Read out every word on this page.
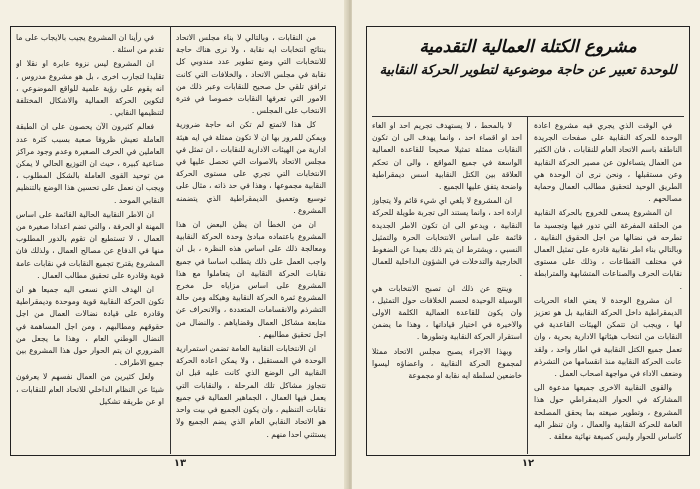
من النقابات ، وبالتالي لا بناء مجلس الاتحاد بنتائج انتخابات ايه نقابة ، ولا نرى هناك حاجة للانتخابات التي وضع تطوير عدد مندوبي كل نقابة في مجلس الاتحاد ، والخلافات التي كانت ترافق تلقي حل صحيح للنقابات وعبر ذلك من الامور التي تعرفها النقابات خصوصا في فترة الانتخاب على المجلس .

كل هذا لاتمتع لم تكن انه حاجة ضرورية ويمكن للمرور بها ان لا تكون ممثلة في ايه هيئة ادارية من الهيئات الادارية للنقابات ، ان تمثل في مجلس الاتحاد بالاصوات التي تحصل عليها في الانتخابات التي تجري على مستوى الحركة النقابية مجموعها ، وهذا في حد ذاته ، مثال على توسيع وتعميق الديمقراطية الذي يتضمنه المشروع .

ان من الخطأ ان يظن البعض ان هذا المشروع باعتماده مبادئ وحدة الحركة النقابية ومعالجة ذلك على اساس هذه النظرة ، بل ان واجب العمل على ذلك يتطلب اساسا في جميع نقابات الحركة النقابية ان يتعاملوا مع هذا المشروع على اساس مزاياه حل مخرج المشروع ثمرة الحركة النقابية وهيكله ومن حالة التشرذم والانقسامات المتعددة ، والانحراف عن متابعة مشاكل العمال وقضاياهم . والنضال من اجل تحقيق مطالبهم .

ان الانتخابات النقابية العامة تضمن استمرارية الوحدة في المستقبل ، ولا يمكن اعادة الحركة النقابية الى الوضع الذي كانت عليه قبل ان نتجاوز مشاكل تلك المرحلة ، والنقابات التي يعمل فيها العمال ، الجماهير العمالية في جميع نقابات التنظيم ، وان يكون الجميع في بيت واحد هو الاتحاد النقابي العام الذي يضم الجميع ولا يستثني احدا منهم .

في رأينا ان المشروع يجيب بالايجاب على ما تقدم من اسئلة .

ان المشروع ليس نزوة عابرة او نقلا او تقليدا لتجارب اخرى ، بل هو مشروع مدروس ، انه يقوم على رؤية علمية للواقع الموضوعي ، لتكوين الحركة العمالية والاشكال المختلفة لتنظيمها النقابي .

فعالم كثيرون الآن يحصون على ان الطبقة العاملة تعيش ظروفا صعبة بسبب كثرة عدد العاملين في الحرف الصغيرة وعدم وجود مراكز صناعية كبيرة ، حيث ان التوزيع الحالي لا يمكن من توحيد القوى العاملة بالشكل المطلوب ، ويجب ان نعمل على تحسين هذا الوضع بالتنظيم النقابي الموحد .

ان الاطر النقابية الحالية القائمة على اساس المهنة او الحرفة ، والتي تضم اعدادا صغيرة من العمال ، لا تستطيع ان تقوم بالدور المطلوب منها في الدفاع عن مصالح العمال ، ولذلك فان المشروع يقترح تجميع النقابات في نقابات عامة قوية وقادرة على تحقيق مطالب العمال .

ان الهدف الذي نسعى اليه جميعا هو ان تكون الحركة النقابية قوية وموحدة وديمقراطية وقادرة على قيادة نضالات العمال من اجل حقوقهم ومطالبهم ، ومن اجل المساهمة في النضال الوطني العام ، وهذا ما يجعل من الضروري ان يتم الحوار حول هذا المشروع بين جميع الاطراف .

ولعل كثيرين من العمال نفسهم لا يعرفون شيئا عن النظام الداخلي للاتحاد العام للنقابات ، او عن طريقة تشكيل

١٣
مشروع الكتلة العمالية التقدمية
للوحدة تعبير عن حاجة موضوعية لتطوير الحركة النقابية

في الوقت الذي يجري فيه مشروع اعادة الوحدة للحركة النقابية على صفحات الجريدة الناطقة باسم الاتحاد العام للنقابات ، فان الكثير من العمال يتساءلون عن مصير الحركة النقابية وعن مستقبلها ، ونحن نرى ان الوحدة هي الطريق الوحيد لتحقيق مطالب العمال وحماية مصالحهم .

ان المشروع يسعى للخروج بالحركة النقابية من الحلقة المفرغة التي تدور فيها وتجسيد ما تطرحه في نضالها من اجل الحقوق النقابية ، وبالتالي بناء اطر نقابية قادرة على تمثيل العمال في مختلف القطاعات ، وذلك على مستوى نقابات الحرف والصناعات المتشابهة والمترابطة .

ان مشروع الوحدة لا يعني الغاء الحريات الديمقراطية داخل الحركة النقابية بل هو تعزيز لها ، ويجب ان تتمكن الهيئات القاعدية في النقابات من انتخاب هيئاتها الادارية بحرية ، وان تعمل جميع الكتل النقابية في اطار واحد ، ولقد عانت الحركة النقابية منذ انقسامها من التشرذم وضعف الاداء في مواجهة اصحاب العمل .

والقوى النقابية الاخرى جميعها مدعوة الى المشاركة في الحوار الديمقراطي حول هذا المشروع ، وتطوير صيغته بما يحقق المصلحة العامة للحركة النقابية والعمال ، وان تنظر اليه كاساس للحوار وليس كصيغة نهائية مغلقة .

لا بالمحط ، لا يستهدف تجريم احد او الغاء احد او اقصاء احد ، وانما يهدف الى ان تكون النقابات ممثلة تمثيلا صحيحا للقاعدة العمالية الواسعة في جميع المواقع ، والى ان تحكم العلاقة بين الكتل النقابية اسس ديمقراطية واضحة يتفق عليها الجميع .

ان المشروع لا يلغي اي شيء قائم ولا يتجاوز ارادة احد ، وانما يستند الى تجربة طويلة للحركة النقابية ، ويدعو الى ان تكون الاطر الجديدة قائمة على اساس الانتخابات الحرة والتمثيل النسبي ، ويشترط ان يتم ذلك بعيدا عن الضغوط الخارجية والتدخلات في الشؤون الداخلية للعمال .

وينتج عن ذلك ان تصبح الانتخابات هي الوسيلة الوحيدة لحسم الخلافات حول التمثيل ، وان يكون للقاعدة العمالية الكلمة الاولى والاخيرة في اختيار قياداتها ، وهذا ما يضمن استقرار الحركة النقابية وتطورها .

وبهذا الاجراء يصبح مجلس الاتحاد ممثلا لمجموع الحركة النقابية ، واعضاؤه ليسوا خاضعين لسلطة ايه نقابة او مجموعة

١٢
